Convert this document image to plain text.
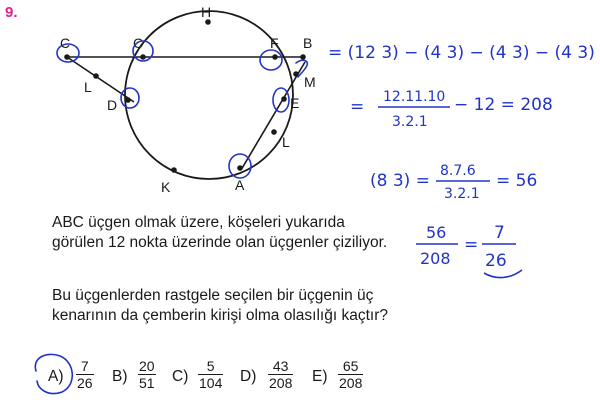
9.	H
C	C	F B
L	M
D	E
L
K	A
= (12 3) − (4 3) − (4 3) − (4 3)
12.11.10
3.2.1
=	− 12 = 208
(8 3) = 8.7.6
3.2.1
= 56
56
208
=
7
26
ABC üçgen olmak üzere, köşeleri yukarıda görülen 12 nokta üzerinde olan üçgenler çiziliyor.
Bu üçgenlerden rastgele seçilen bir üçgenin üç kenarının da çemberin kirişi olma olasılığı kaçtır?
$A) \frac{7}{26} B) \frac{20}{51} C) \frac{5}{104} D) \frac{43}{208} E) \frac{65}{208}$
